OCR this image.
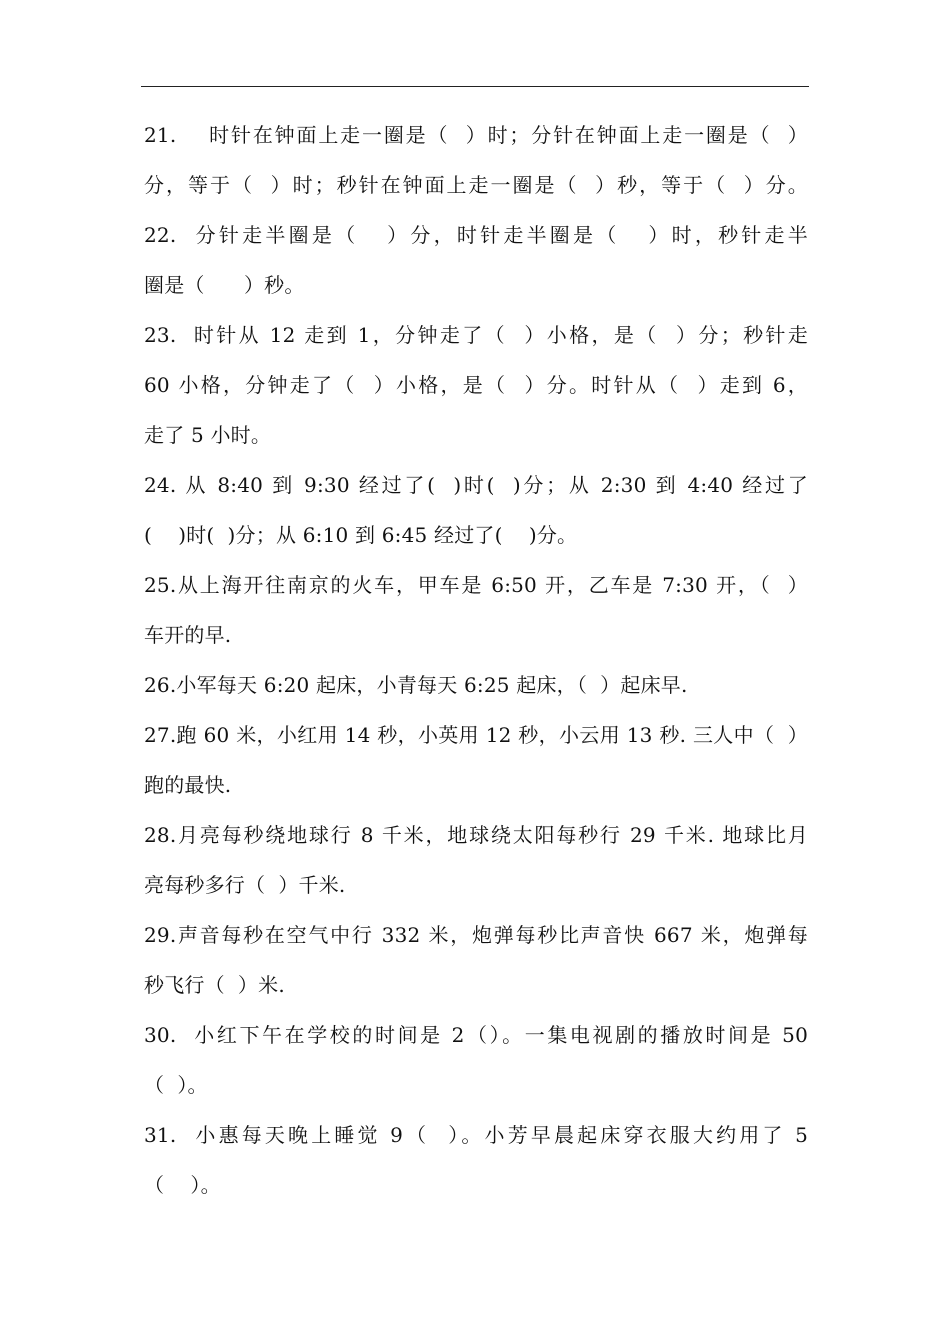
21.    时针在钟面上走一圈是（  ）时；分针在钟面上走一圈是（  ）
分，等于（  ）时；秒针在钟面上走一圈是（  ）秒，等于（  ）分。
22.  分针走半圈是（   ）分，时针走半圈是（   ）时，秒针走半
圈是（      ）秒。
23.  时针从 12 走到 1，分钟走了（  ）小格，是（  ）分；秒针走
60 小格，分钟走了（  ）小格，是（  ）分。时针从（  ）走到 6，
走了 5 小时。
24. 从 8:40 到 9:30 经过了(  )时(  )分；从 2:30 到 4:40 经过了
(    )时(  )分；从 6:10 到 6:45 经过了(    )分。
25.从上海开往南京的火车，甲车是 6:50 开，乙车是 7:30 开，（  ）
车开的早.
26.小军每天 6:20 起床，小青每天 6:25 起床，（  ）起床早.
27.跑 60 米，小红用 14 秒，小英用 12 秒，小云用 13 秒. 三人中（  ）
跑的最快.
28.月亮每秒绕地球行 8 千米，地球绕太阳每秒行 29 千米. 地球比月
亮每秒多行（  ）千米.
29.声音每秒在空气中行 332 米，炮弹每秒比声音快 667 米，炮弹每
秒飞行（  ）米.
30.  小红下午在学校的时间是 2（）。一集电视剧的播放时间是 50
（  ）。
31.  小惠每天晚上睡觉 9（  ）。小芳早晨起床穿衣服大约用了 5
（    ）。
